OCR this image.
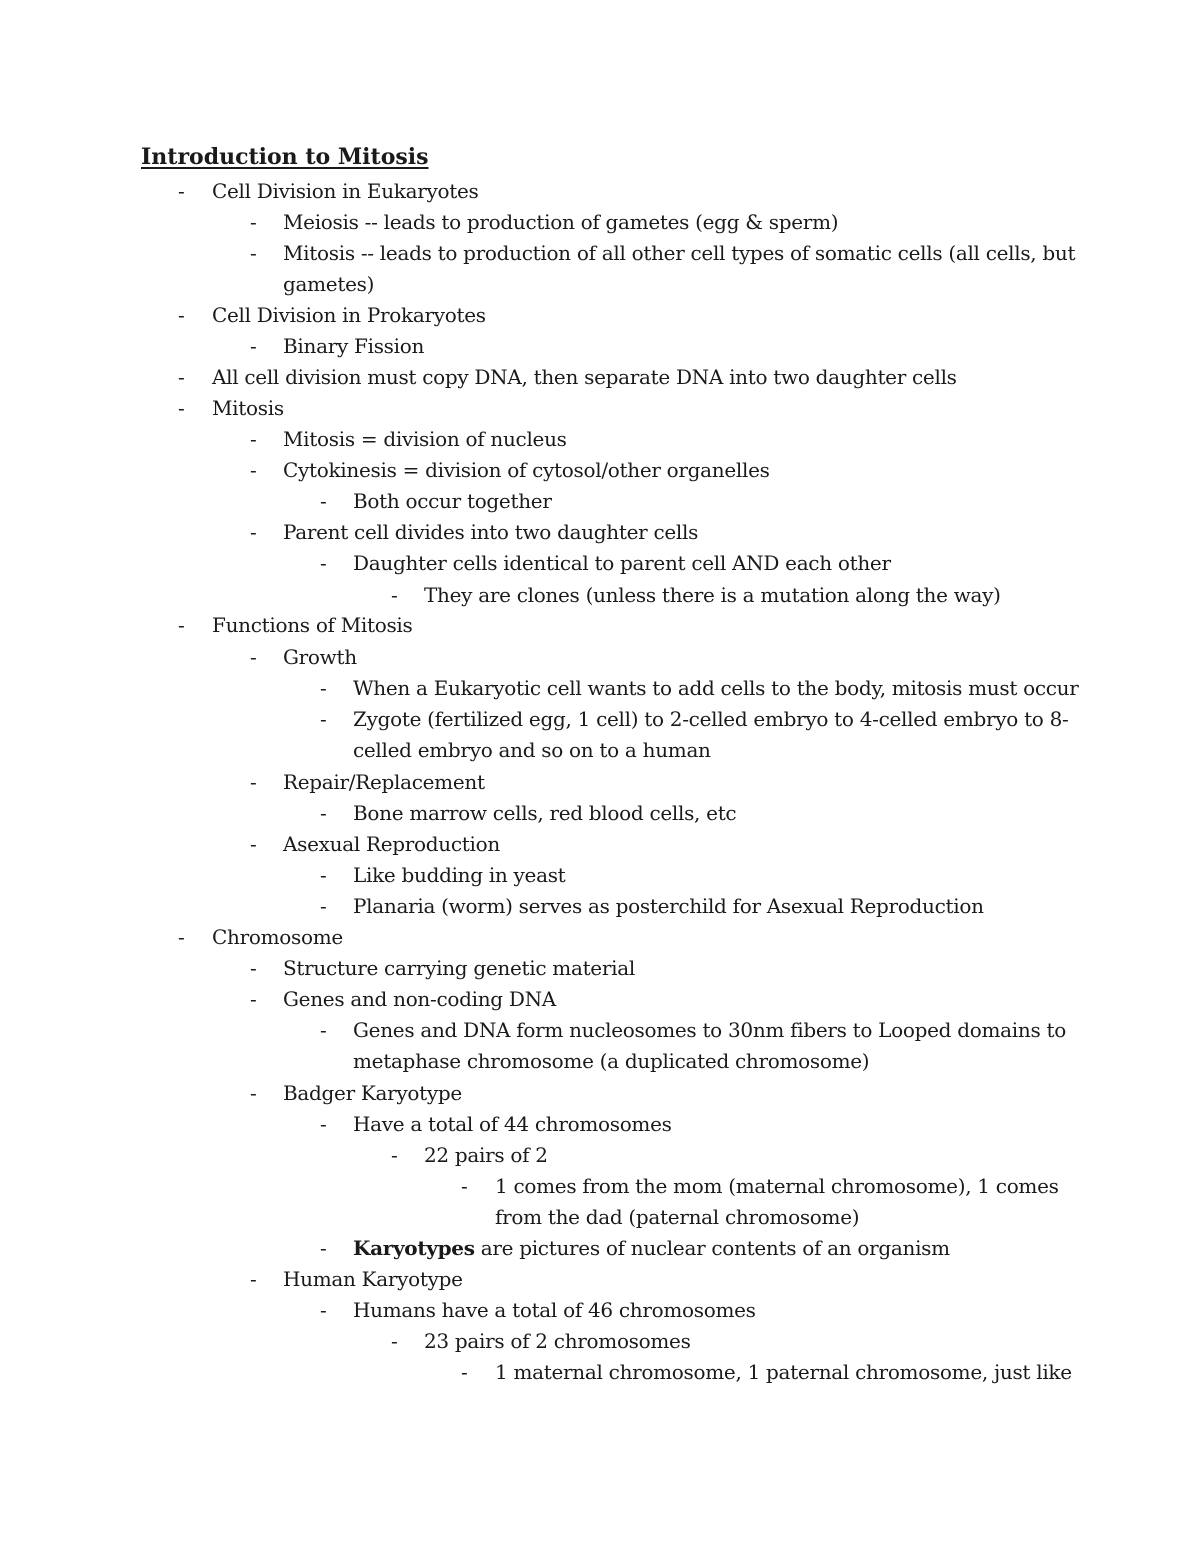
Introduction to Mitosis
- Cell Division in Eukaryotes
- Meiosis -- leads to production of gametes (egg & sperm)
- Mitosis -- leads to production of all other cell types of somatic cells (all cells, but
gametes)
- Cell Division in Prokaryotes
- Binary Fission
- All cell division must copy DNA, then separate DNA into two daughter cells
- Mitosis
- Mitosis = division of nucleus
- Cytokinesis = division of cytosol/other organelles
- Both occur together
- Parent cell divides into two daughter cells
- Daughter cells identical to parent cell AND each other
- They are clones (unless there is a mutation along the way)
- Functions of Mitosis
- Growth
- When a Eukaryotic cell wants to add cells to the body, mitosis must occur
- Zygote (fertilized egg, 1 cell) to 2-celled embryo to 4-celled embryo to 8-
celled embryo and so on to a human
- Repair/Replacement
- Bone marrow cells, red blood cells, etc
- Asexual Reproduction
- Like budding in yeast
- Planaria (worm) serves as posterchild for Asexual Reproduction
- Chromosome
- Structure carrying genetic material
- Genes and non-coding DNA
- Genes and DNA form nucleosomes to 30nm fibers to Looped domains to
metaphase chromosome (a duplicated chromosome)
- Badger Karyotype
- Have a total of 44 chromosomes
- 22 pairs of 2
- 1 comes from the mom (maternal chromosome), 1 comes
from the dad (paternal chromosome)
- Karyotypes are pictures of nuclear contents of an organism
- Human Karyotype
- Humans have a total of 46 chromosomes
- 23 pairs of 2 chromosomes
- 1 maternal chromosome, 1 paternal chromosome, just like
